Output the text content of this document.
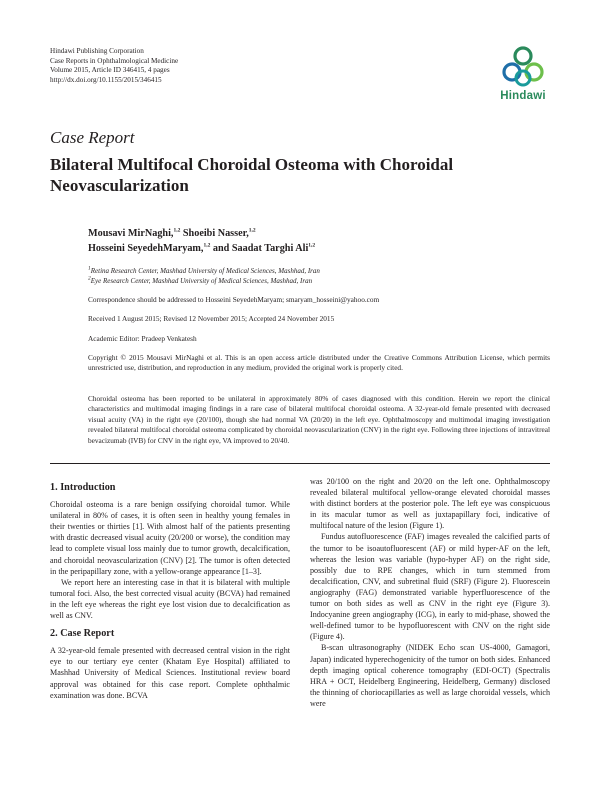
Hindawi Publishing Corporation
Case Reports in Ophthalmological Medicine
Volume 2015, Article ID 346415, 4 pages
http://dx.doi.org/10.1155/2015/346415
Hindawi
Case Report
Bilateral Multifocal Choroidal Osteoma with Choroidal Neovascularization
Mousavi MirNaghi,$^{1,2}$ Shoeibi Nasser,$^{1,2}$
Hosseini SeyedehMaryam,$^{1,2}$ and Saadat Targhi Ali$^{1,2}$
$^1$Retina Research Center, Mashhad University of Medical Sciences, Mashhad, Iran
$^2$Eye Research Center, Mashhad University of Medical Sciences, Mashhad, Iran
Correspondence should be addressed to Hosseini SeyedehMaryam; smaryam_hosseini@yahoo.com
Received 1 August 2015; Revised 12 November 2015; Accepted 24 November 2015
Academic Editor: Pradeep Venkatesh
Copyright © 2015 Mousavi MirNaghi et al. This is an open access article distributed under the Creative Commons Attribution License, which permits unrestricted use, distribution, and reproduction in any medium, provided the original work is properly cited.
Choroidal osteoma has been reported to be unilateral in approximately 80% of cases diagnosed with this condition. Herein we report the clinical characteristics and multimodal imaging findings in a rare case of bilateral multifocal choroidal osteoma. A 32-year-old female presented with decreased visual acuity (VA) in the right eye (20/100), though she had normal VA (20/20) in the left eye. Ophthalmoscopy and multimodal imaging investigation revealed bilateral multifocal choroidal osteoma complicated by choroidal neovascularization (CNV) in the right eye. Following three injections of intravitreal bevacizumab (IVB) for CNV in the right eye, VA improved to 20/40.
1. Introduction

Choroidal osteoma is a rare benign ossifying choroidal tumor. While unilateral in 80% of cases, it is often seen in healthy young females in their twenties or thirties [1]. With almost half of the patients presenting with drastic decreased visual acuity (20/200 or worse), the condition may lead to complete visual loss mainly due to tumor growth, decalcification, and choroidal neovascularization (CNV) [2]. The tumor is often detected in the peripapillary zone, with a yellow-orange appearance [1–3].

We report here an interesting case in that it is bilateral with multiple tumoral foci. Also, the best corrected visual acuity (BCVA) had remained in the left eye whereas the right eye lost vision due to decalcification as well as CNV.

2. Case Report

A 32-year-old female presented with decreased central vision in the right eye to our tertiary eye center (Khatam Eye Hospital) affiliated to Mashhad University of Medical Sciences. Institutional review board approval was obtained for this case report. Complete ophthalmic examination was done. BCVA

was 20/100 on the right and 20/20 on the left one. Ophthalmoscopy revealed bilateral multifocal yellow-orange elevated choroidal masses with distinct borders at the posterior pole. The left eye was conspicuous in its macular tumor as well as juxtapapillary foci, indicative of multifocal nature of the lesion (Figure 1).

Fundus autofluorescence (FAF) images revealed the calcified parts of the tumor to be isoautofluorescent (AF) or mild hyper-AF on the left, whereas the lesion was variable (hypo-hyper AF) on the right side, possibly due to RPE changes, which in turn stemmed from decalcification, CNV, and subretinal fluid (SRF) (Figure 2). Fluorescein angiography (FAG) demonstrated variable hyperfluorescence of the tumor on both sides as well as CNV in the right eye (Figure 3). Indocyanine green angiography (ICG), in early to mid-phase, showed the well-defined tumor to be hypofluorescent with CNV on the right side (Figure 4).

B-scan ultrasonography (NIDEK Echo scan US-4000, Gamagori, Japan) indicated hyperechogenicity of the tumor on both sides. Enhanced depth imaging optical coherence tomography (EDI-OCT) (Spectralis HRA + OCT, Heidelberg Engineering, Heidelberg, Germany) disclosed the thinning of choriocapillaries as well as large choroidal vessels, which were
